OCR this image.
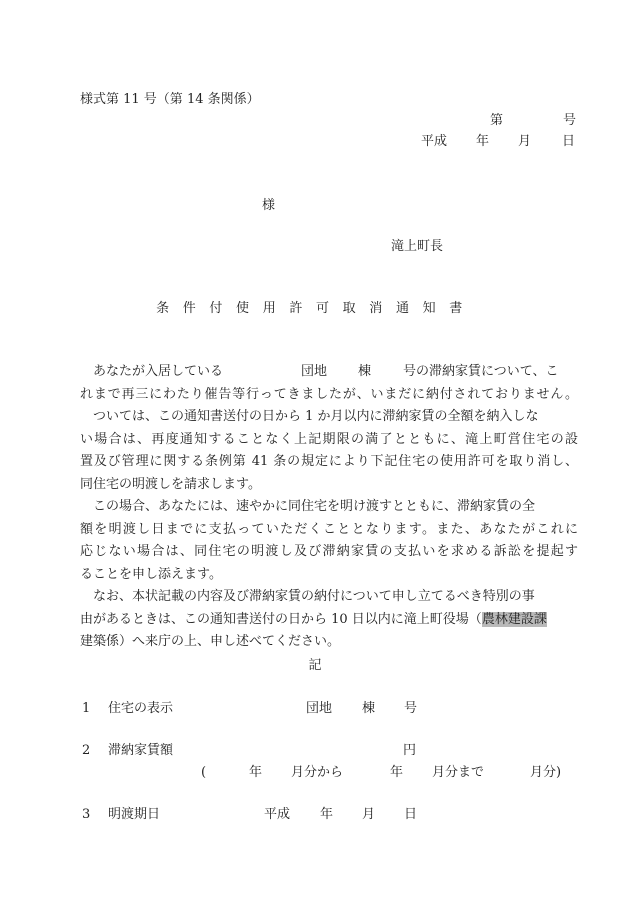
様式第 11 号（第 14 条関係）
第	号
平成 年 月 日
様
滝上町長
条件付使用許可取消通知書
あなたが入居している	団地 棟 号の滞納家賃について、こ
れまで再三にわたり催告等行ってきましたが、いまだに納付されておりません。
ついては、この通知書送付の日から 1 か月以内に滞納家賃の全額を納入しな
い場合は、再度通知することなく上記期限の満了とともに、滝上町営住宅の設
置及び管理に関する条例第 41 条の規定により下記住宅の使用許可を取り消し、
同住宅の明渡しを請求します。
この場合、あなたには、速やかに同住宅を明け渡すとともに、滞納家賃の全
額を明渡し日までに支払っていただくこととなります。また、あなたがこれに
応じない場合は、同住宅の明渡し及び滞納家賃の支払いを求める訴訟を提起す
ることを申し添えます。
なお、本状記載の内容及び滞納家賃の納付について申し立てるべき特別の事
由があるときは、この通知書送付の日から 10 日以内に滝上町役場（農林建設課
建築係）へ来庁の上、申し述べてください。
記
1 住宅の表示	団地 棟 号
2 滞納家賃額	円
(	年 月分から	年 月分まで	月分)
3 明渡期日	平成 年 月 日
